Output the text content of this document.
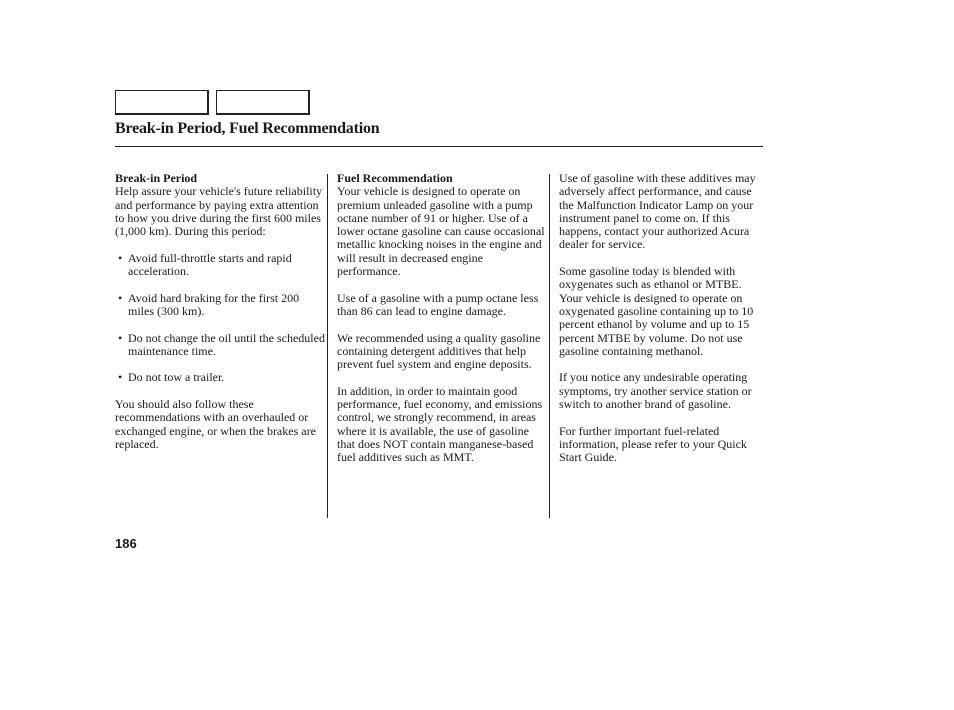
Break-in Period, Fuel Recommendation

Break-in Period

Help assure your vehicle's future reliability and performance by paying extra attention to how you drive during the first 600 miles (1,000 km). During this period:

• Avoid full-throttle starts and rapid acceleration.
• Avoid hard braking for the first 200 miles (300 km).
• Do not change the oil until the scheduled maintenance time.
• Do not tow a trailer.

You should also follow these recommendations with an overhauled or exchanged engine, or when the brakes are replaced.

Fuel Recommendation

Your vehicle is designed to operate on premium unleaded gasoline with a pump octane number of 91 or higher. Use of a lower octane gasoline can cause occasional metallic knocking noises in the engine and will result in decreased engine performance.

Use of a gasoline with a pump octane less than 86 can lead to engine damage.

We recommended using a quality gasoline containing detergent additives that help prevent fuel system and engine deposits.

In addition, in order to maintain good performance, fuel economy, and emissions control, we strongly recommend, in areas where it is available, the use of gasoline that does NOT contain manganese-based fuel additives such as MMT.

Use of gasoline with these additives may adversely affect performance, and cause the Malfunction Indicator Lamp on your instrument panel to come on. If this happens, contact your authorized Acura dealer for service.

Some gasoline today is blended with oxygenates such as ethanol or MTBE. Your vehicle is designed to operate on oxygenated gasoline containing up to 10 percent ethanol by volume and up to 15 percent MTBE by volume. Do not use gasoline containing methanol.

If you notice any undesirable operating symptoms, try another service station or switch to another brand of gasoline.

For further important fuel-related information, please refer to your Quick Start Guide.

186
